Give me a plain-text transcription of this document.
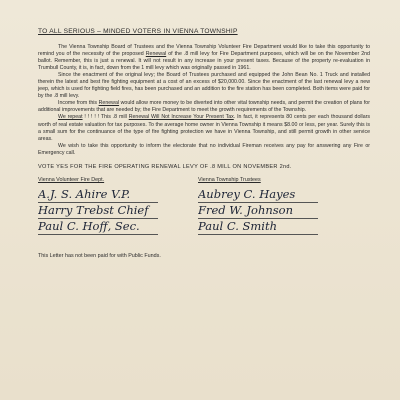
TO ALL SERIOUS – MINDED VOTERS IN VIENNA TOWNSHIP

The Vienna Township Board of Trustees and the Vienna Township Volunteer Fire Department would like to take this opportunity to remind you of the necessity of the proposed Renewal of the .8 mill levy for Fire Department purposes, which will be on the November 2nd ballot. Remember, this is just a renewal. It will not result in any increase in your present taxes. Because of the property re-evaluation in Trumbull County, it is, in fact, down from the 1 mill levy which was originally passed in 1961.

Since the enactment of the original levy; the Board of Trustees purchased and equipped the John Bean No. 1 Truck and installed therein the latest and best fire fighting equipment at a cost of an excess of $20,000.00. Since the enactment of the last renewal levy a new jeep, which is used for fighting field fires, has been purchased and an addition to the fire station has been completed. Both items were paid for by the .8 mill levy.

Income from this Renewal would allow more money to be diverted into other vital township needs, and permit the creation of plans for additional improvements that are needed by; the Fire Department to meet the growth requirements of the Township.

We repeat ! ! ! ! ! This .8 mill Renewal Will Not Increase Your Present Tax. In fact, it represents 80 cents per each thousand dollars worth of real estate valuation for tax purposes. To the average home owner in Vienna Township it means $8.00 or less, per year. Surely this is a small sum for the continuance of the type of fire fighting protection we have in Vienna Township, and still permit growth in other service areas.

We wish to take this opportunity to inform the electorate that no individual Fireman receives any pay for answering any Fire or Emergency call.

VOTE YES FOR THE FIRE OPERATING RENEWAL LEVY OF .8 MILL ON NOVEMBER 2nd.
Vienna Volunteer Fire Dept.
A.J. S. Ahire V.P.
Harry Trebst Chief
Paul C. Hoff, Sec.
Vienna Township Trustees
Aubrey C. Hayes
Fred W. Johnson
Paul C. Smith
This Letter has not been paid for with Public Funds.
